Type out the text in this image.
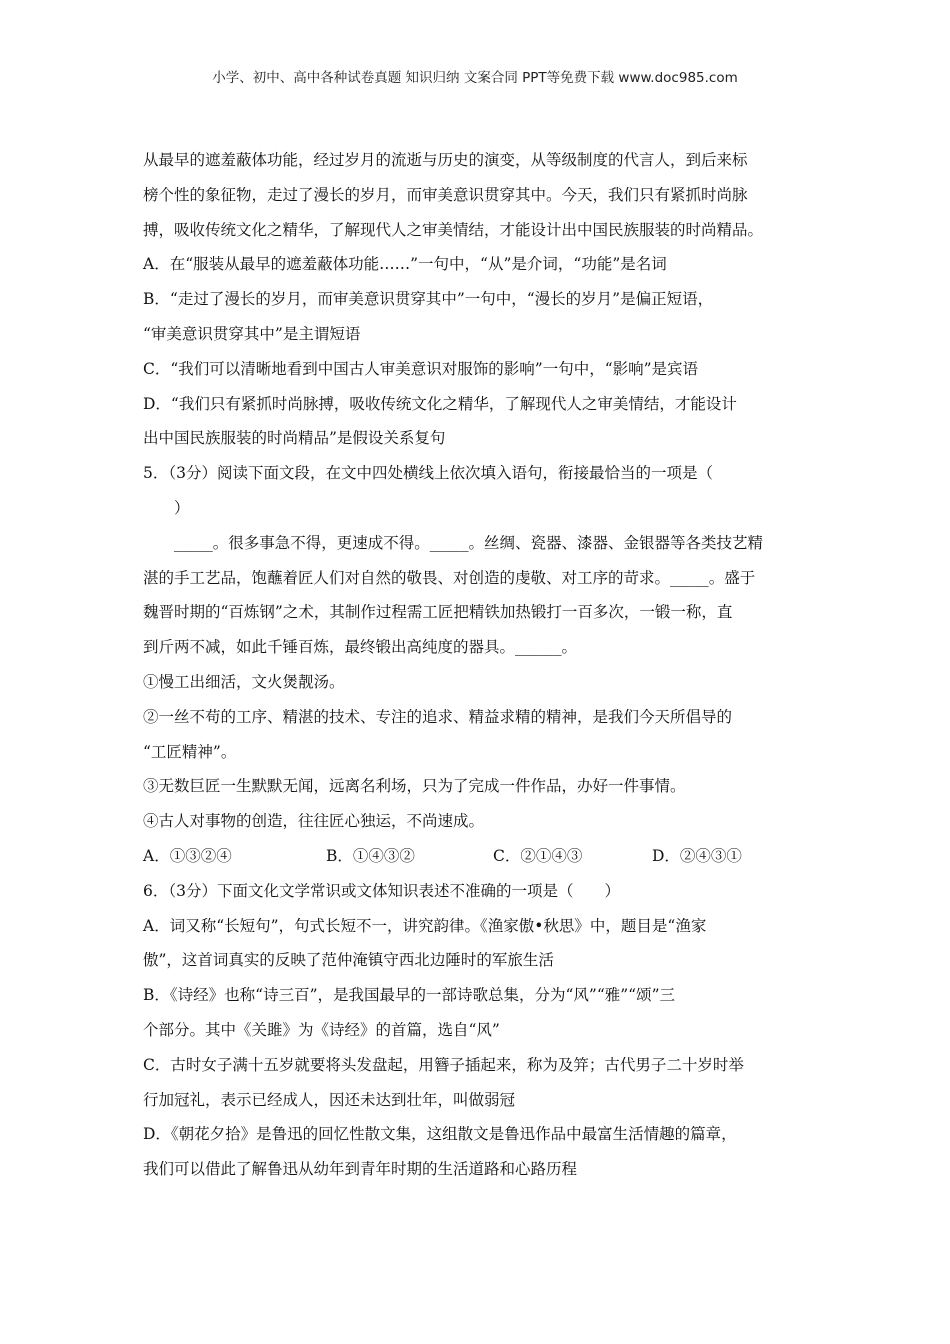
小学、初中、高中各种试卷真题 知识归纳 文案合同 PPT等免费下载 www.doc985.com
从最早的遮羞蔽体功能，经过岁月的流逝与历史的演变，从等级制度的代言人，到后来标
榜个性的象征物，走过了漫长的岁月，而审美意识贯穿其中。今天，我们只有紧抓时尚脉
搏，吸收传统文化之精华，了解现代人之审美情结，才能设计出中国民族服装的时尚精品。
A．在“服装从最早的遮羞蔽体功能……”一句中，“从”是介词，“功能”是名词
B．“走过了漫长的岁月，而审美意识贯穿其中”一句中，“漫长的岁月”是偏正短语，
“审美意识贯穿其中”是主谓短语
C．“我们可以清晰地看到中国古人审美意识对服饰的影响”一句中，“影响”是宾语
D．“我们只有紧抓时尚脉搏，吸收传统文化之精华，了解现代人之审美情结，才能设计
出中国民族服装的时尚精品”是假设关系复句
5．（3分）阅读下面文段，在文中四处横线上依次填入语句，衔接最恰当的一项是（
）
_____。很多事急不得，更速成不得。_____。丝绸、瓷器、漆器、金银器等各类技艺精
湛的手工艺品，饱蘸着匠人们对自然的敬畏、对创造的虔敬、对工序的苛求。_____。盛于
魏晋时期的“百炼钢”之术，其制作过程需工匠把精铁加热锻打一百多次，一锻一称，直
到斤两不减，如此千锤百炼，最终锻出高纯度的器具。______。
①慢工出细活，文火煲靓汤。
②一丝不苟的工序、精湛的技术、专注的追求、精益求精的精神，是我们今天所倡导的
“工匠精神”。
③无数巨匠一生默默无闻，远离名利场，只为了完成一件作品，办好一件事情。
④古人对事物的创造，往往匠心独运，不尚速成。
A．①③②④	B．①④③②	C．②①④③	D．②④③①
6．（3分）下面文化文学常识或文体知识表述不准确的一项是（　　）
A．词又称“长短句”，句式长短不一，讲究韵律。《渔家傲•秋思》中，题目是“渔家
傲”，这首词真实的反映了范仲淹镇守西北边陲时的军旅生活
B．《诗经》也称“诗三百”，是我国最早的一部诗歌总集，分为“风”“雅”“颂”三
个部分。其中《关雎》为《诗经》的首篇，选自“风”
C．古时女子满十五岁就要将头发盘起，用簪子插起来，称为及笄；古代男子二十岁时举
行加冠礼，表示已经成人，因还未达到壮年，叫做弱冠
D．《朝花夕拾》是鲁迅的回忆性散文集，这组散文是鲁迅作品中最富生活情趣的篇章，
我们可以借此了解鲁迅从幼年到青年时期的生活道路和心路历程
